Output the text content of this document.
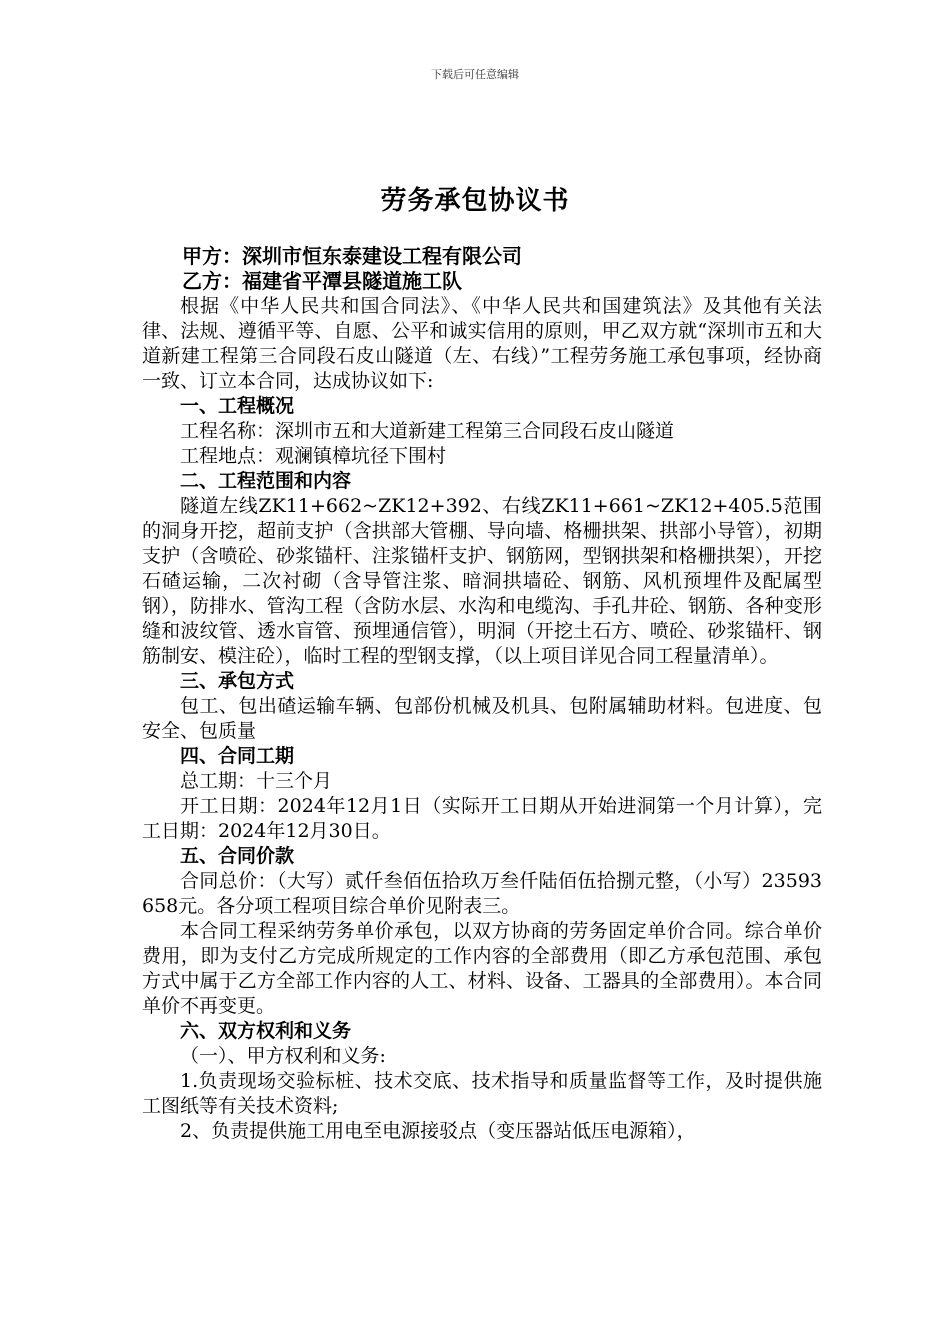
下载后可任意编辑
劳务承包协议书

甲方：深圳市恒东泰建设工程有限公司

乙方：福建省平潭县隧道施工队

根据《中华人民共和国合同法》、《中华人民共和国建筑法》及其他有关法律、法规、遵循平等、自愿、公平和诚实信用的原则，甲乙双方就“深圳市五和大道新建工程第三合同段石皮山隧道（左、右线）”工程劳务施工承包事项，经协商一致、订立本合同，达成协议如下:

一、工程概况

工程名称：深圳市五和大道新建工程第三合同段石皮山隧道

工程地点：观澜镇樟坑径下围村

二、工程范围和内容

隧道左线ZK11+662~ZK12+392、右线ZK11+661~ZK12+405.5范围的洞身开挖，超前支护（含拱部大管棚、导向墙、格栅拱架、拱部小导管），初期支护（含喷砼、砂浆锚杆、注浆锚杆支护、钢筋网，型钢拱架和格栅拱架），开挖石碴运输，二次衬砌（含导管注浆、暗洞拱墙砼、钢筋、风机预埋件及配属型钢），防排水、管沟工程（含防水层、水沟和电缆沟、手孔井砼、钢筋、各种变形缝和波纹管、透水盲管、预埋通信管），明洞（开挖土石方、喷砼、砂浆锚杆、钢筋制安、模注砼），临时工程的型钢支撑，（以上项目详见合同工程量清单）。

三、承包方式

包工、包出碴运输车辆、包部份机械及机具、包附属辅助材料。包进度、包安全、包质量

四、合同工期

总工期：十三个月

开工日期：2024年12月1日（实际开工日期从开始进洞第一个月计算），完工日期：2024年12月30日。

五、合同价款

合同总价：（大写）贰仟叁佰伍拾玖万叁仟陆佰伍拾捌元整，（小写）23593658元。各分项工程项目综合单价见附表三。

本合同工程采纳劳务单价承包，以双方协商的劳务固定单价合同。综合单价费用，即为支付乙方完成所规定的工作内容的全部费用（即乙方承包范围、承包方式中属于乙方全部工作内容的人工、材料、设备、工器具的全部费用）。本合同单价不再变更。

六、双方权利和义务

（一）、甲方权利和义务:

1.负责现场交验标桩、技术交底、技术指导和质量监督等工作，及时提供施工图纸等有关技术资料;

2、负责提供施工用电至电源接驳点（变压器站低压电源箱），
